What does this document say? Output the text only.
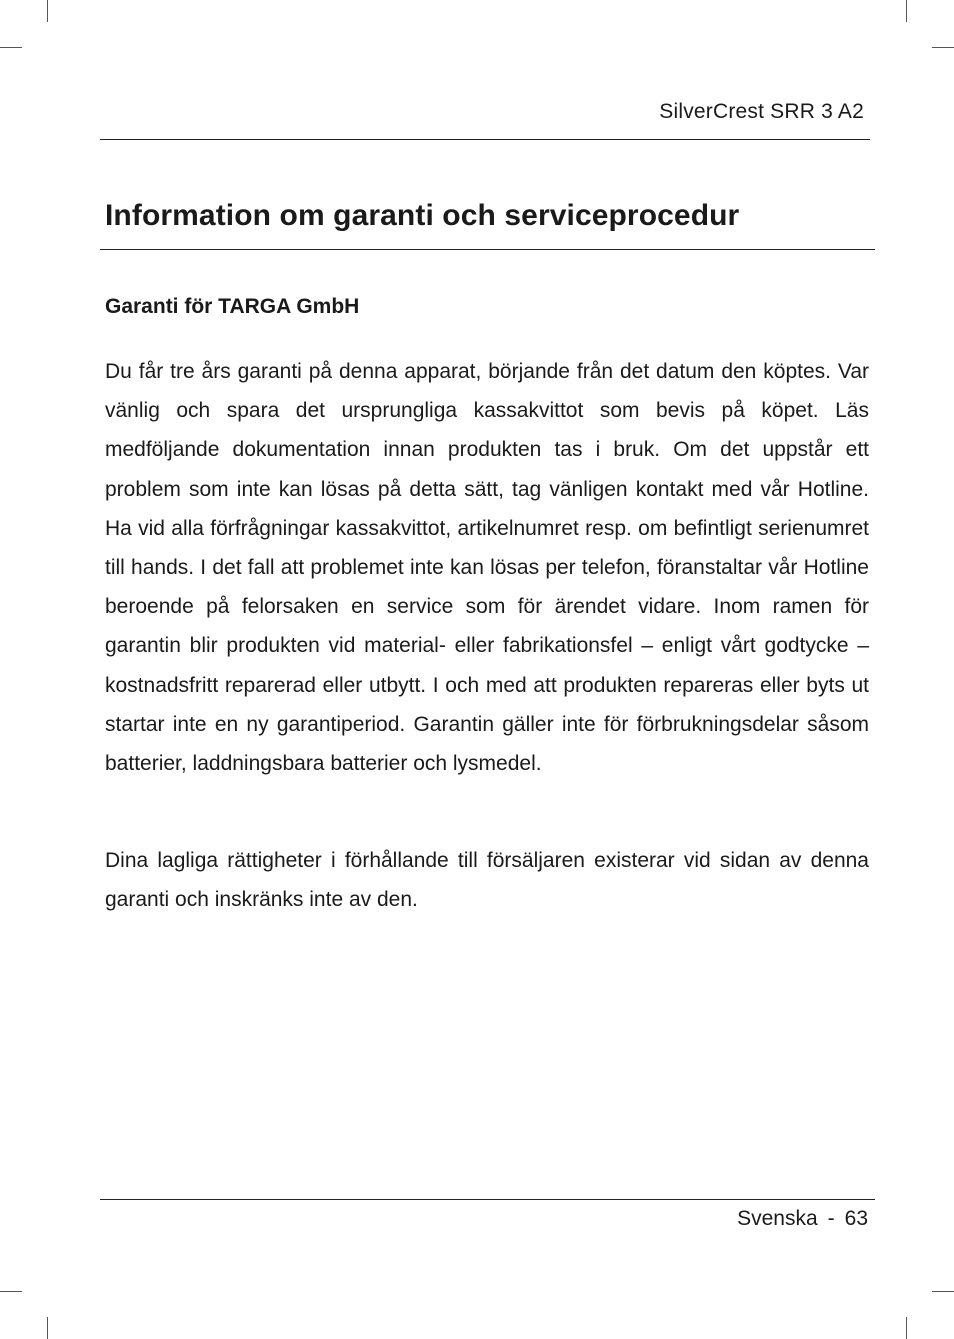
SilverCrest SRR 3 A2
Information om garanti och serviceprocedur
Garanti för TARGA GmbH

Du får tre års garanti på denna apparat, börjande från det datum den köptes. Var vänlig och spara det ursprungliga kassakvittot som bevis på köpet. Läs medföljande dokumentation innan produkten tas i bruk. Om det uppstår ett problem som inte kan lösas på detta sätt, tag vänligen kontakt med vår Hotline. Ha vid alla förfrågningar kassakvittot, artikelnumret resp. om befintligt serienumret till hands. I det fall att problemet inte kan lösas per telefon, föranstaltar vår Hotline beroende på felorsaken en service som för ärendet vidare. Inom ramen för garantin blir produkten vid material- eller fabrikationsfel – enligt vårt godtycke – kostnadsfritt reparerad eller utbytt. I och med att produkten repareras eller byts ut startar inte en ny garantiperiod. Garantin gäller inte för förbrukningsdelar såsom batterier, laddningsbara batterier och lysmedel.

Dina lagliga rättigheter i förhållande till försäljaren existerar vid sidan av denna garanti och inskränks inte av den.

Svenska - 63
